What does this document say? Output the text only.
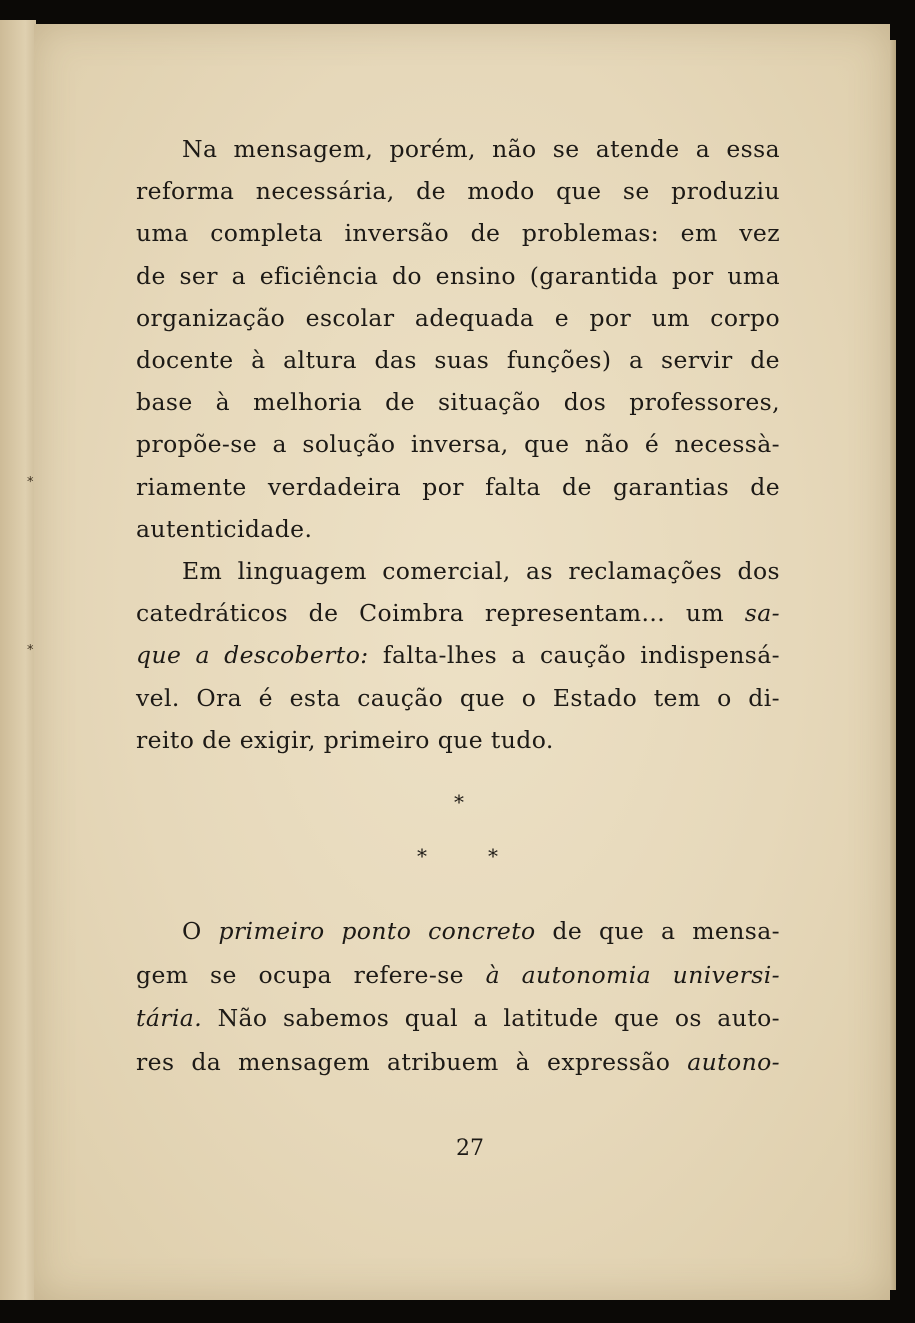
*
*

Na mensagem, porém, não se atende a essa
reforma necessária, de modo que se produziu
uma completa inversão de problemas: em vez
de ser a eficiência do ensino (garantida por uma
organização escolar adequada e por um corpo
docente à altura das suas funções) a servir de
base à melhoria de situação dos professores,
propõe-se a solução inversa, que não é necessà-
riamente verdadeira por falta de garantias de
autenticidade.

Em linguagem comercial, as reclamações dos
catedráticos de Coimbra representam... um sa-
que a descoberto: falta-lhes a caução indispensá-
vel. Ora é esta caução que o Estado tem o di-
reito de exigir, primeiro que tudo.

*
*	*

O primeiro ponto concreto de que a mensa-
gem se ocupa refere-se à autonomia universi-
tária. Não sabemos qual a latitude que os auto-
res da mensagem atribuem à expressão autono-

27
